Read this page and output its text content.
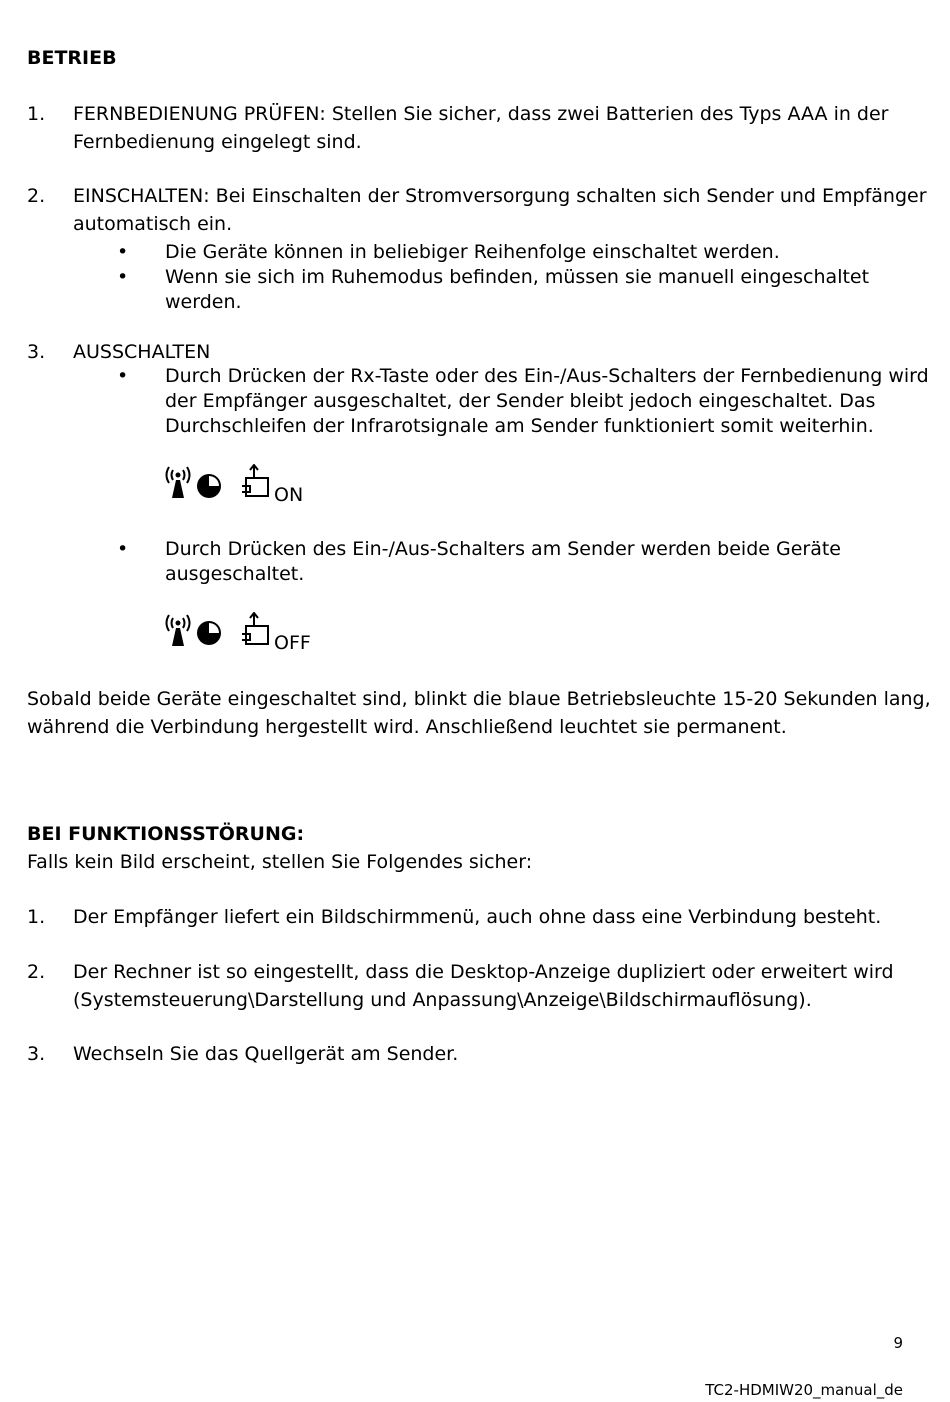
BETRIEB
1. FERNBEDIENUNG PRÜFEN: Stellen Sie sicher, dass zwei Batterien des Typs AAA in der
Fernbedienung eingelegt sind.
2. EINSCHALTEN: Bei Einschalten der Stromversorgung schalten sich Sender und Empfänger
automatisch ein.
• Die Geräte können in beliebiger Reihenfolge einschaltet werden.
• Wenn sie sich im Ruhemodus befinden, müssen sie manuell eingeschaltet
werden.
3. AUSSCHALTEN
• Durch Drücken der Rx-Taste oder des Ein-/Aus-Schalters der Fernbedienung wird
der Empfänger ausgeschaltet, der Sender bleibt jedoch eingeschaltet. Das
Durchschleifen der Infrarotsignale am Sender funktioniert somit weiterhin.
ON
• Durch Drücken des Ein-/Aus-Schalters am Sender werden beide Geräte
ausgeschaltet.
OFF
Sobald beide Geräte eingeschaltet sind, blinkt die blaue Betriebsleuchte 15-20 Sekunden lang,
während die Verbindung hergestellt wird. Anschließend leuchtet sie permanent.
BEI FUNKTIONSSTÖRUNG:
Falls kein Bild erscheint, stellen Sie Folgendes sicher:
1. Der Empfänger liefert ein Bildschirmmenü, auch ohne dass eine Verbindung besteht.
2. Der Rechner ist so eingestellt, dass die Desktop-Anzeige dupliziert oder erweitert wird
(Systemsteuerung\Darstellung und Anpassung\Anzeige\Bildschirmauflösung).
3. Wechseln Sie das Quellgerät am Sender.
9
TC2-HDMIW20_manual_de
